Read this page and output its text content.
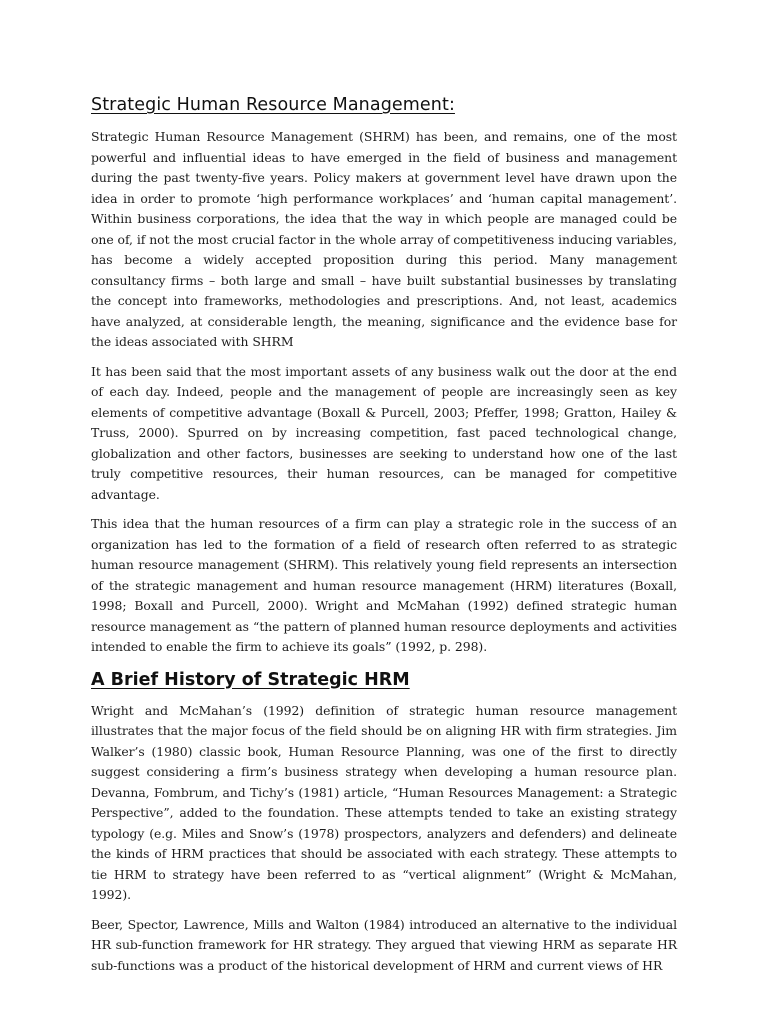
Strategic Human Resource Management:

Strategic Human Resource Management (SHRM) has been, and remains, one of the most powerful and influential ideas to have emerged in the field of business and management during the past twenty-five years. Policy makers at government level have drawn upon the idea in order to promote ‘high performance workplaces’ and ‘human capital management’. Within business corporations, the idea that the way in which people are managed could be one of, if not the most crucial factor in the whole array of competitiveness inducing variables, has become a widely accepted proposition during this period. Many management consultancy firms – both large and small – have built substantial businesses by translating the concept into frameworks, methodologies and prescriptions. And, not least, academics have analyzed, at considerable length, the meaning, significance and the evidence base for the ideas associated with SHRM

It has been said that the most important assets of any business walk out the door at the end of each day. Indeed, people and the management of people are increasingly seen as key elements of competitive advantage (Boxall & Purcell, 2003; Pfeffer, 1998; Gratton, Hailey & Truss, 2000). Spurred on by increasing competition, fast paced technological change, globalization and other factors, businesses are seeking to understand how one of the last truly competitive resources, their human resources, can be managed for competitive advantage.

This idea that the human resources of a firm can play a strategic role in the success of an organization has led to the formation of a field of research often referred to as strategic human resource management (SHRM). This relatively young field represents an intersection of the strategic management and human resource management (HRM) literatures (Boxall, 1998; Boxall and Purcell, 2000). Wright and McMahan (1992) defined strategic human resource management as “the pattern of planned human resource deployments and activities intended to enable the firm to achieve its goals” (1992, p. 298).

A Brief History of Strategic HRM

Wright and McMahan’s (1992) definition of strategic human resource management illustrates that the major focus of the field should be on aligning HR with firm strategies. Jim Walker’s (1980) classic book, Human Resource Planning, was one of the first to directly suggest considering a firm’s business strategy when developing a human resource plan. Devanna, Fombrum, and Tichy’s (1981) article, “Human Resources Management: a Strategic Perspective”, added to the foundation. These attempts tended to take an existing strategy typology (e.g. Miles and Snow’s (1978) prospectors, analyzers and defenders) and delineate the kinds of HRM practices that should be associated with each strategy. These attempts to tie HRM to strategy have been referred to as “vertical alignment” (Wright & McMahan, 1992).

Beer, Spector, Lawrence, Mills and Walton (1984) introduced an alternative to the individual HR sub-function framework for HR strategy. They argued that viewing HRM as separate HR sub-functions was a product of the historical development of HRM and current views of HR
